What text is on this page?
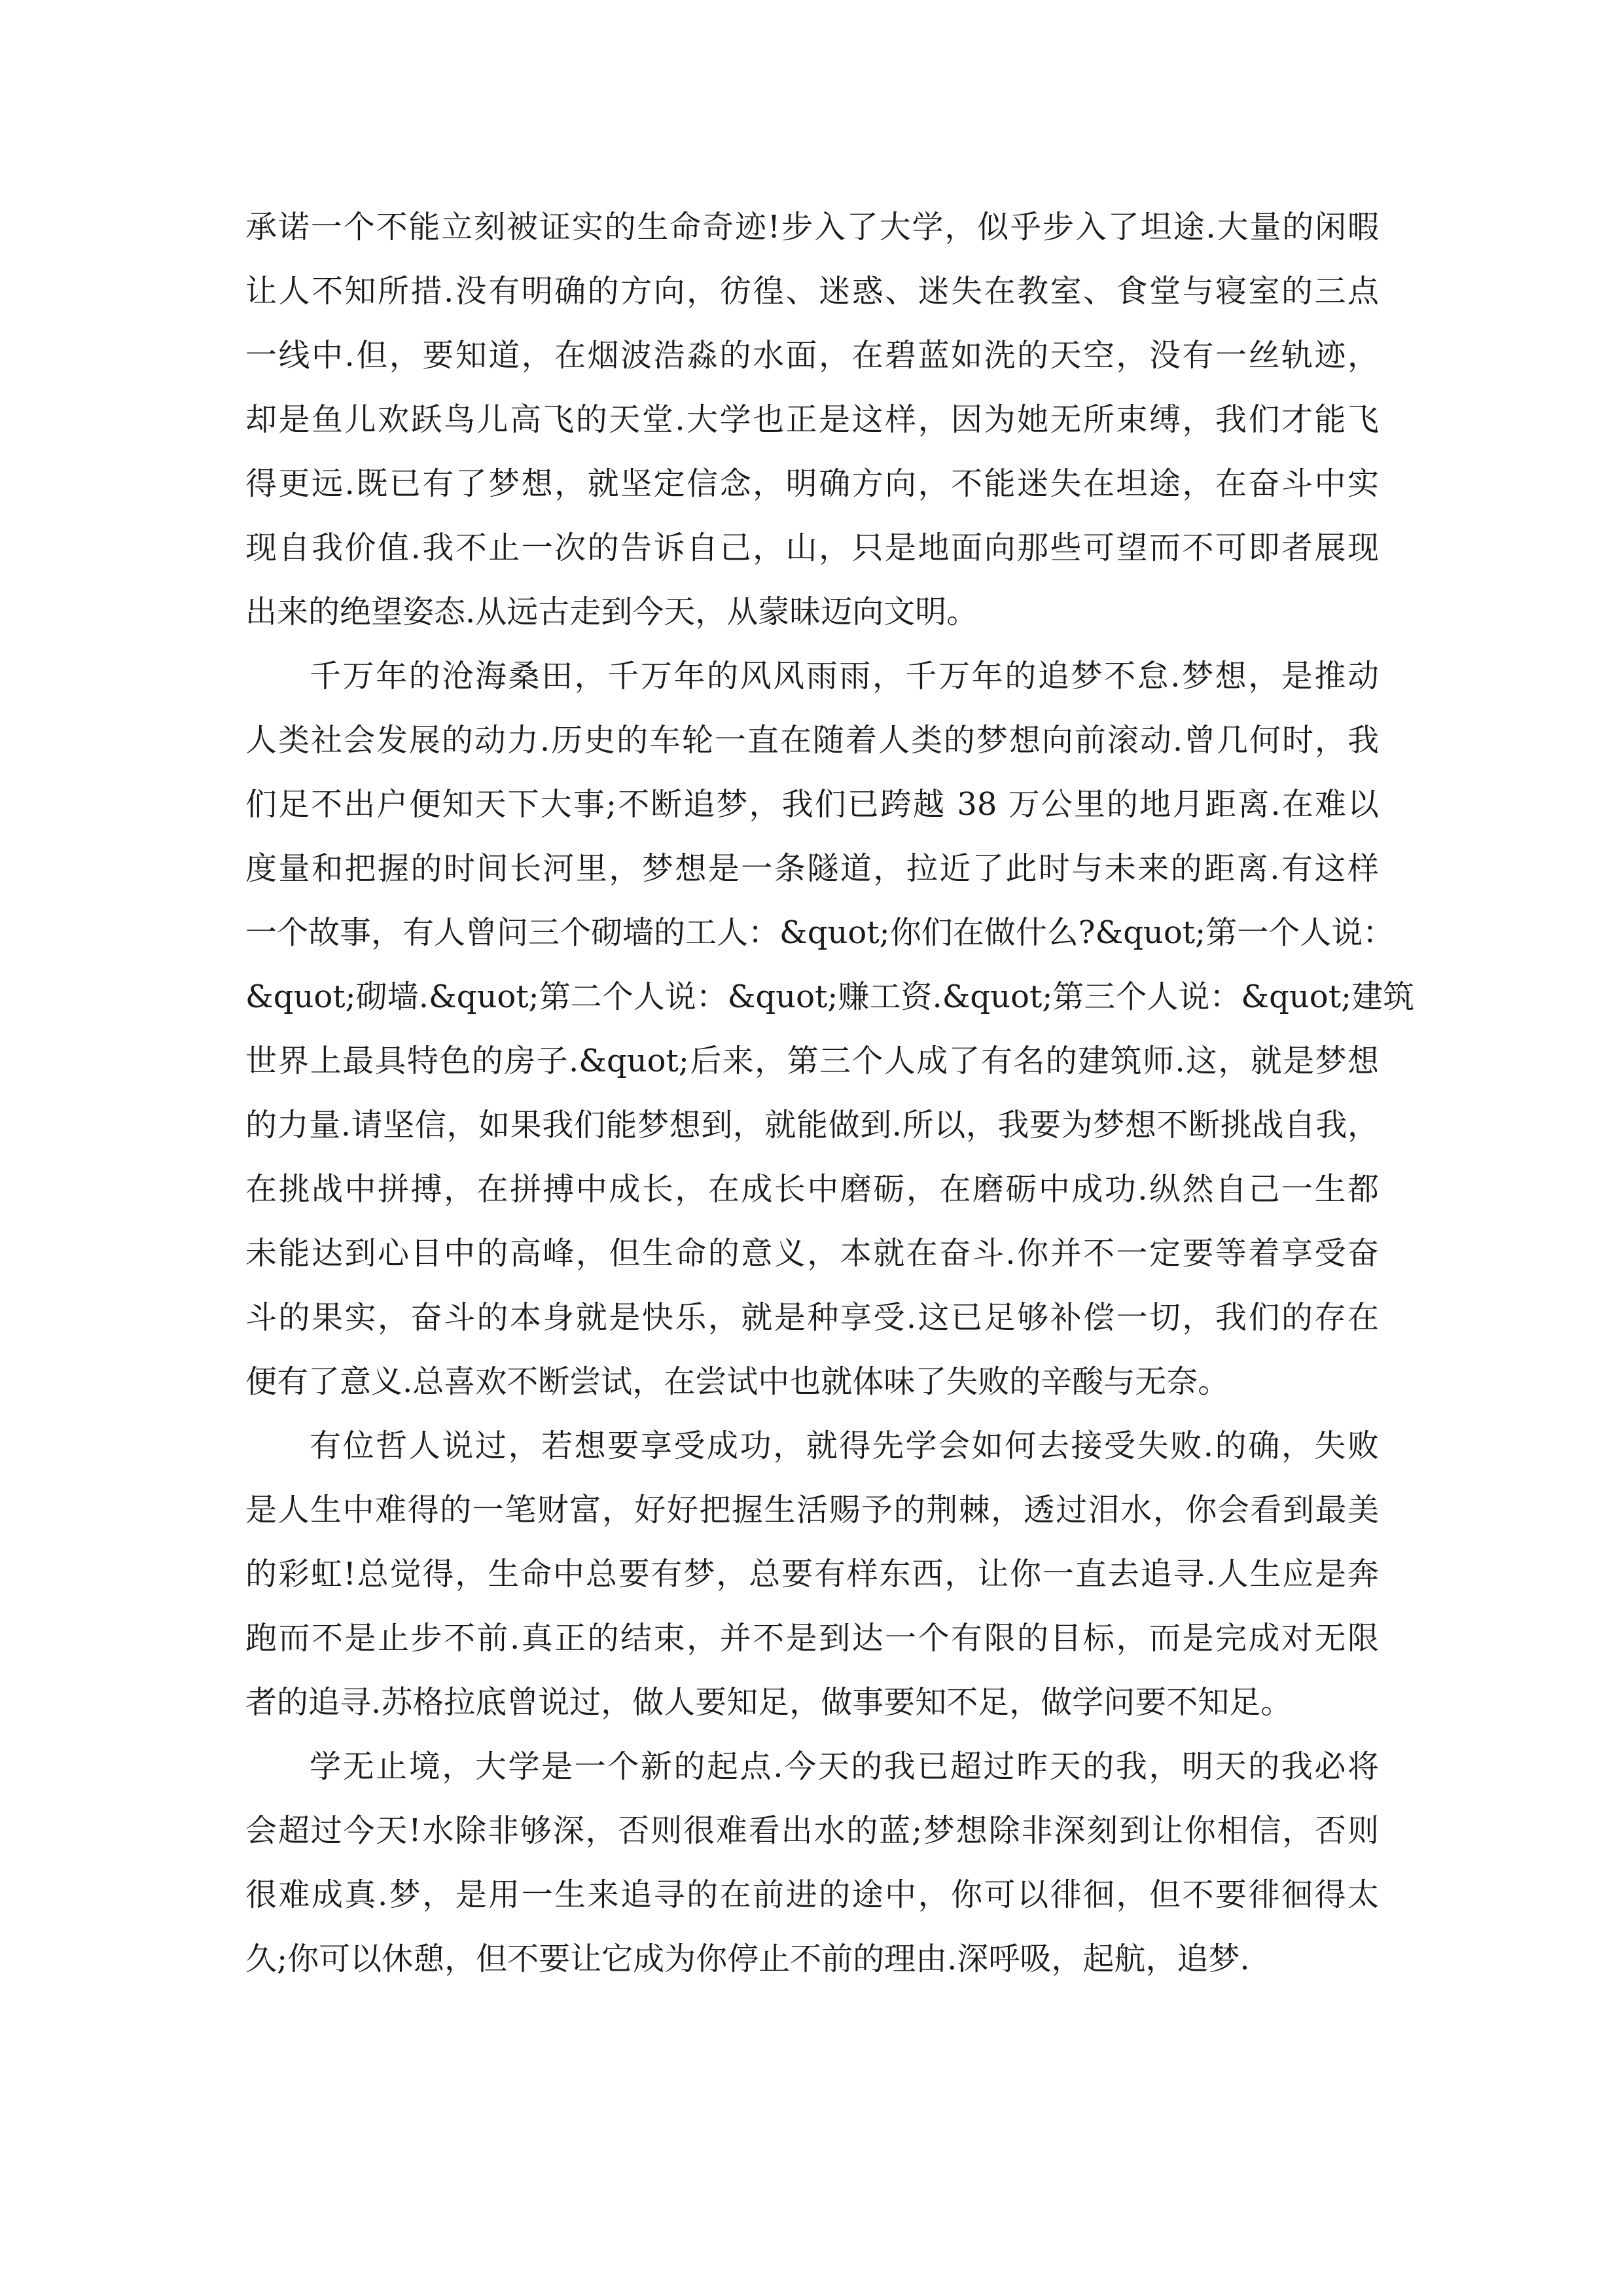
承诺一个不能立刻被证实的生命奇迹!步入了大学，似乎步入了坦途.大量的闲暇
让人不知所措.没有明确的方向，彷徨、迷惑、迷失在教室、食堂与寝室的三点
一线中.但，要知道，在烟波浩淼的水面，在碧蓝如洗的天空，没有一丝轨迹，
却是鱼儿欢跃鸟儿高飞的天堂.大学也正是这样，因为她无所束缚，我们才能飞
得更远.既已有了梦想，就坚定信念，明确方向，不能迷失在坦途，在奋斗中实
现自我价值.我不止一次的告诉自己，山，只是地面向那些可望而不可即者展现
出来的绝望姿态.从远古走到今天，从蒙昧迈向文明。
千万年的沧海桑田，千万年的风风雨雨，千万年的追梦不怠.梦想，是推动
人类社会发展的动力.历史的车轮一直在随着人类的梦想向前滚动.曾几何时，我
们足不出户便知天下大事;不断追梦，我们已跨越 38 万公里的地月距离.在难以
度量和把握的时间长河里，梦想是一条隧道，拉近了此时与未来的距离.有这样
一个故事，有人曾问三个砌墙的工人：&quot;你们在做什么?&quot;第一个人说：
&quot;砌墙.&quot;第二个人说：&quot;赚工资.&quot;第三个人说：&quot;建筑
世界上最具特色的房子.&quot;后来，第三个人成了有名的建筑师.这，就是梦想
的力量.请坚信，如果我们能梦想到，就能做到.所以，我要为梦想不断挑战自我，
在挑战中拼搏，在拼搏中成长，在成长中磨砺，在磨砺中成功.纵然自己一生都
未能达到心目中的高峰，但生命的意义，本就在奋斗.你并不一定要等着享受奋
斗的果实，奋斗的本身就是快乐，就是种享受.这已足够补偿一切，我们的存在
便有了意义.总喜欢不断尝试，在尝试中也就体味了失败的辛酸与无奈。
有位哲人说过，若想要享受成功，就得先学会如何去接受失败.的确，失败
是人生中难得的一笔财富，好好把握生活赐予的荆棘，透过泪水，你会看到最美
的彩虹!总觉得，生命中总要有梦，总要有样东西，让你一直去追寻.人生应是奔
跑而不是止步不前.真正的结束，并不是到达一个有限的目标，而是完成对无限
者的追寻.苏格拉底曾说过，做人要知足，做事要知不足，做学问要不知足。
学无止境，大学是一个新的起点.今天的我已超过昨天的我，明天的我必将
会超过今天!水除非够深，否则很难看出水的蓝;梦想除非深刻到让你相信，否则
很难成真.梦，是用一生来追寻的在前进的途中，你可以徘徊，但不要徘徊得太
久;你可以休憩，但不要让它成为你停止不前的理由.深呼吸，起航，追梦.
